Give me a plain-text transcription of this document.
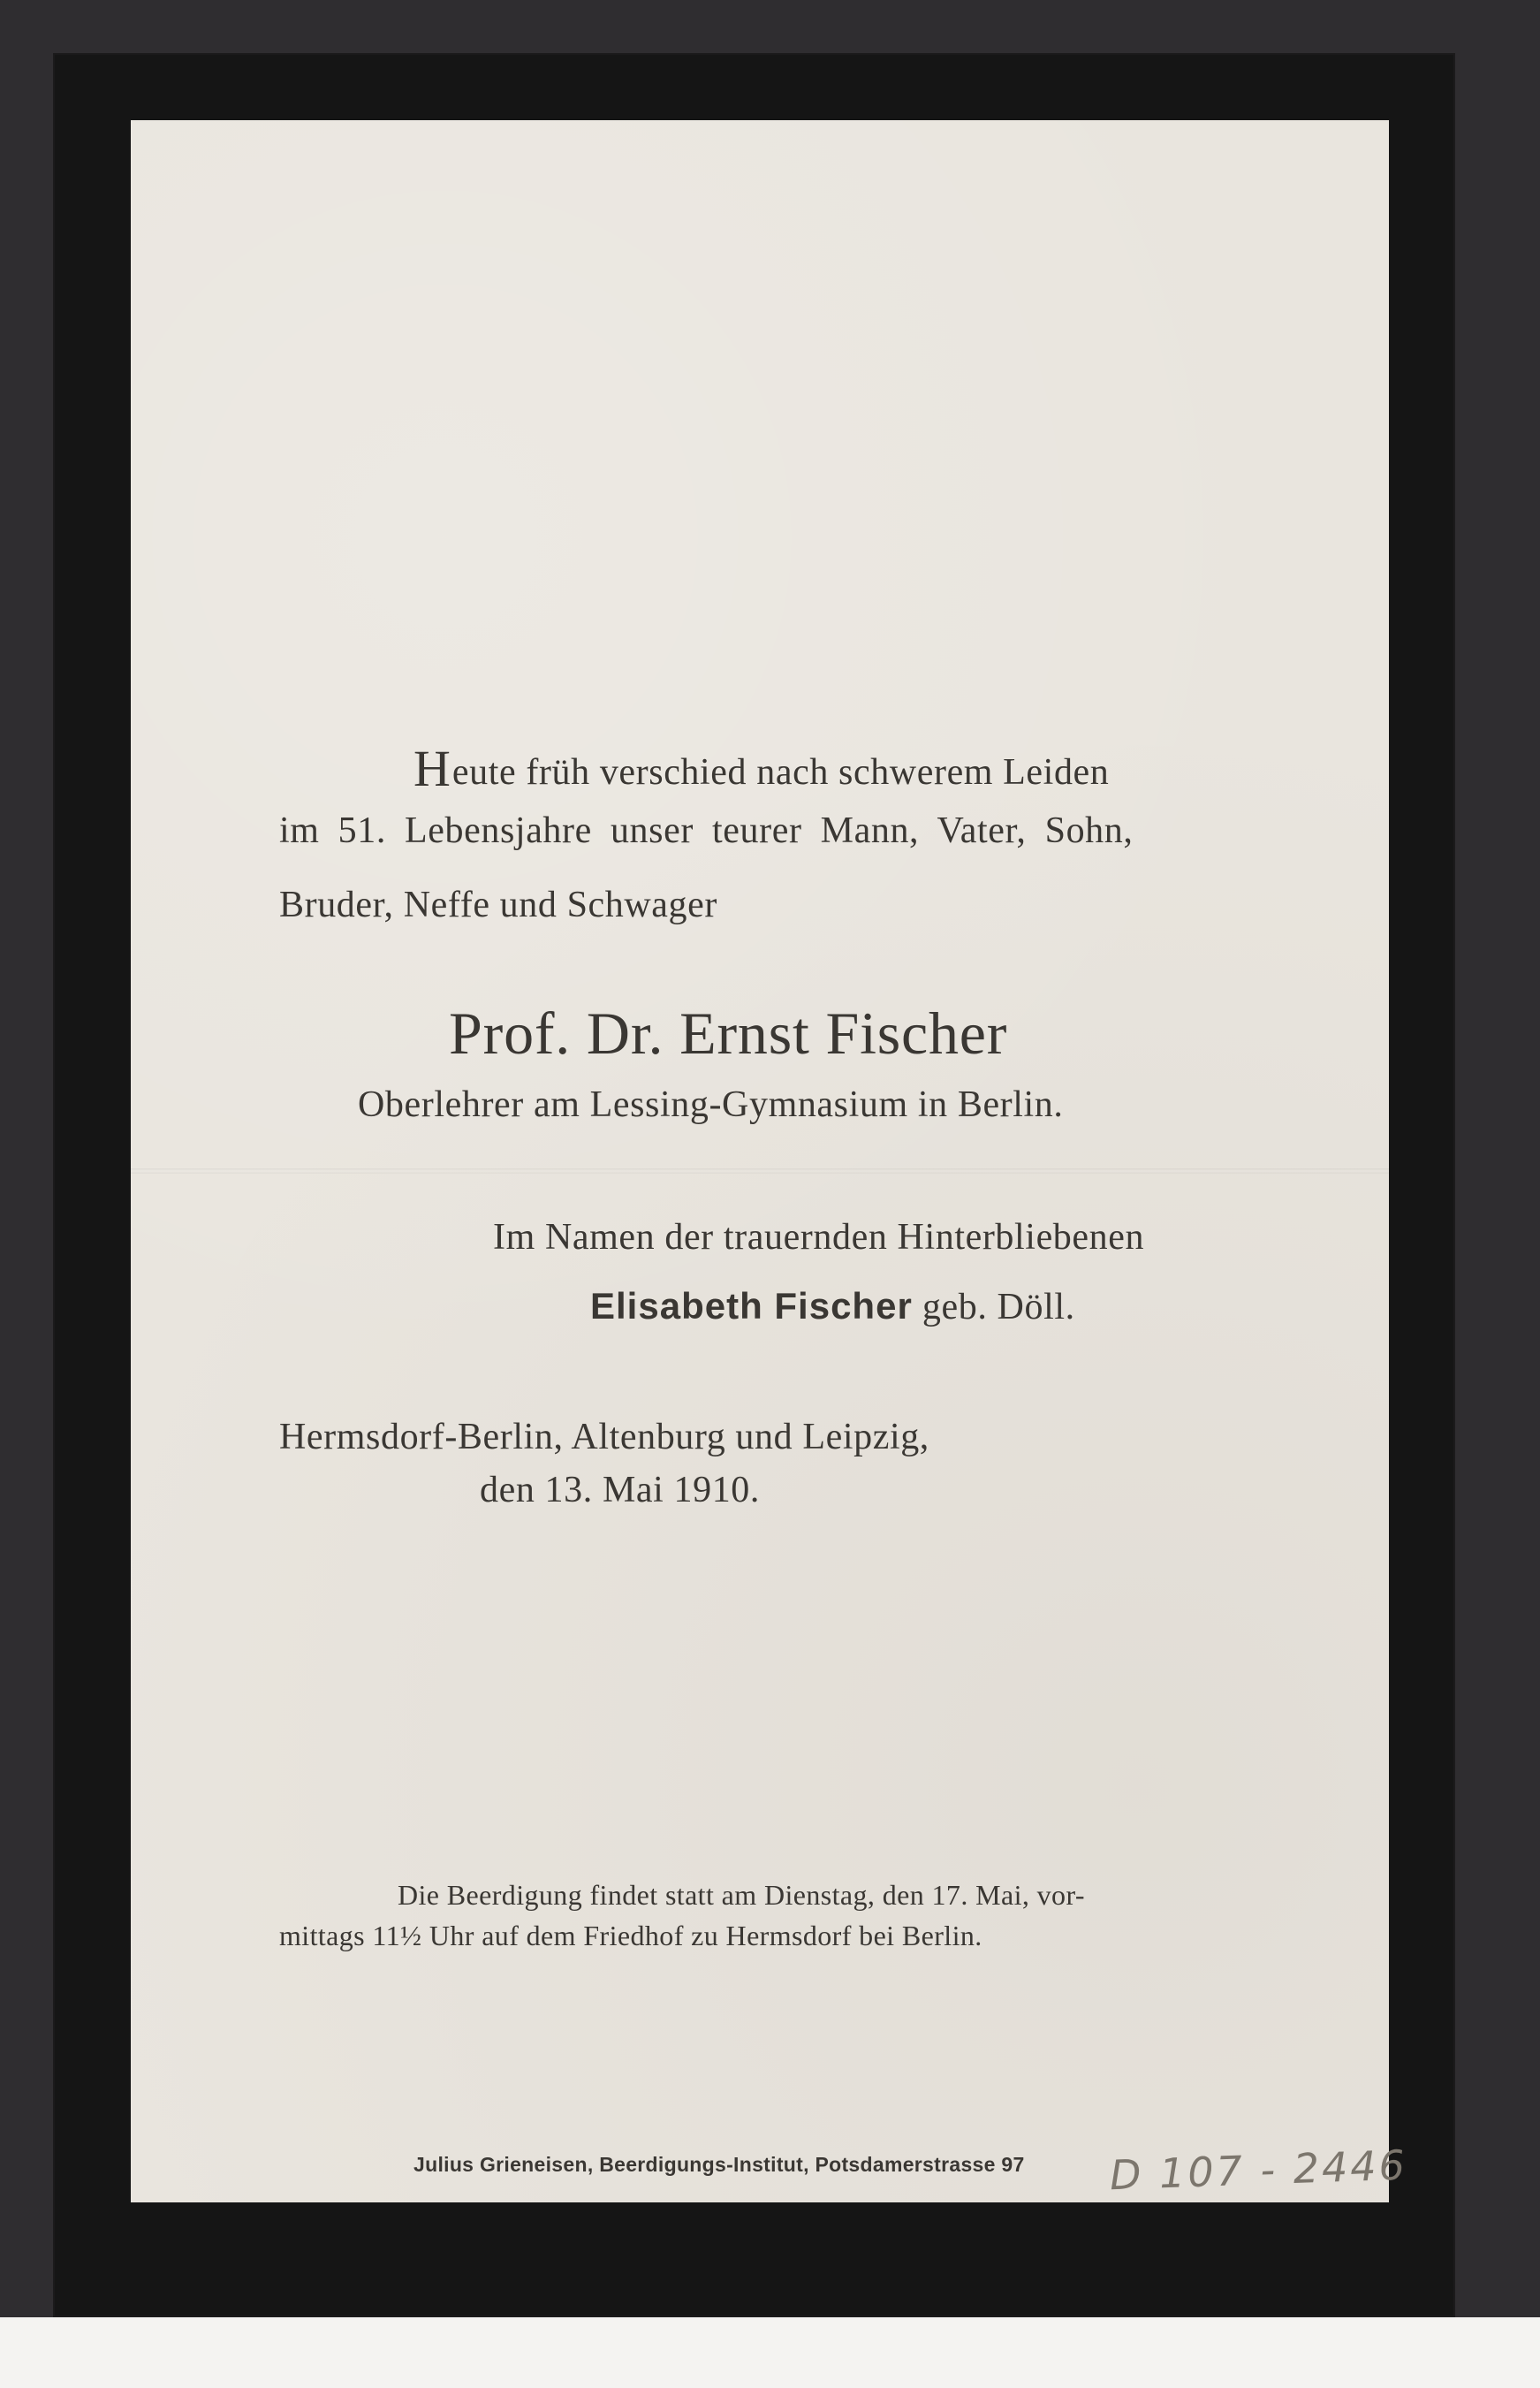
Heute früh verschied nach schwerem Leiden
im 51. Lebensjahre unser teurer Mann, Vater, Sohn,
Bruder, Neffe und Schwager
Prof. Dr. Ernst Fischer
Oberlehrer am Lessing-Gymnasium in Berlin.
Im Namen der trauernden Hinterbliebenen
Elisabeth Fischer geb. Döll.
Hermsdorf-Berlin, Altenburg und Leipzig,
den 13. Mai 1910.
Die Beerdigung findet statt am Dienstag, den 17. Mai, vor-
mittags 11½ Uhr auf dem Friedhof zu Hermsdorf bei Berlin.
Julius Grieneisen, Beerdigungs-Institut, Potsdamerstrasse 97	D 107 - 2446
